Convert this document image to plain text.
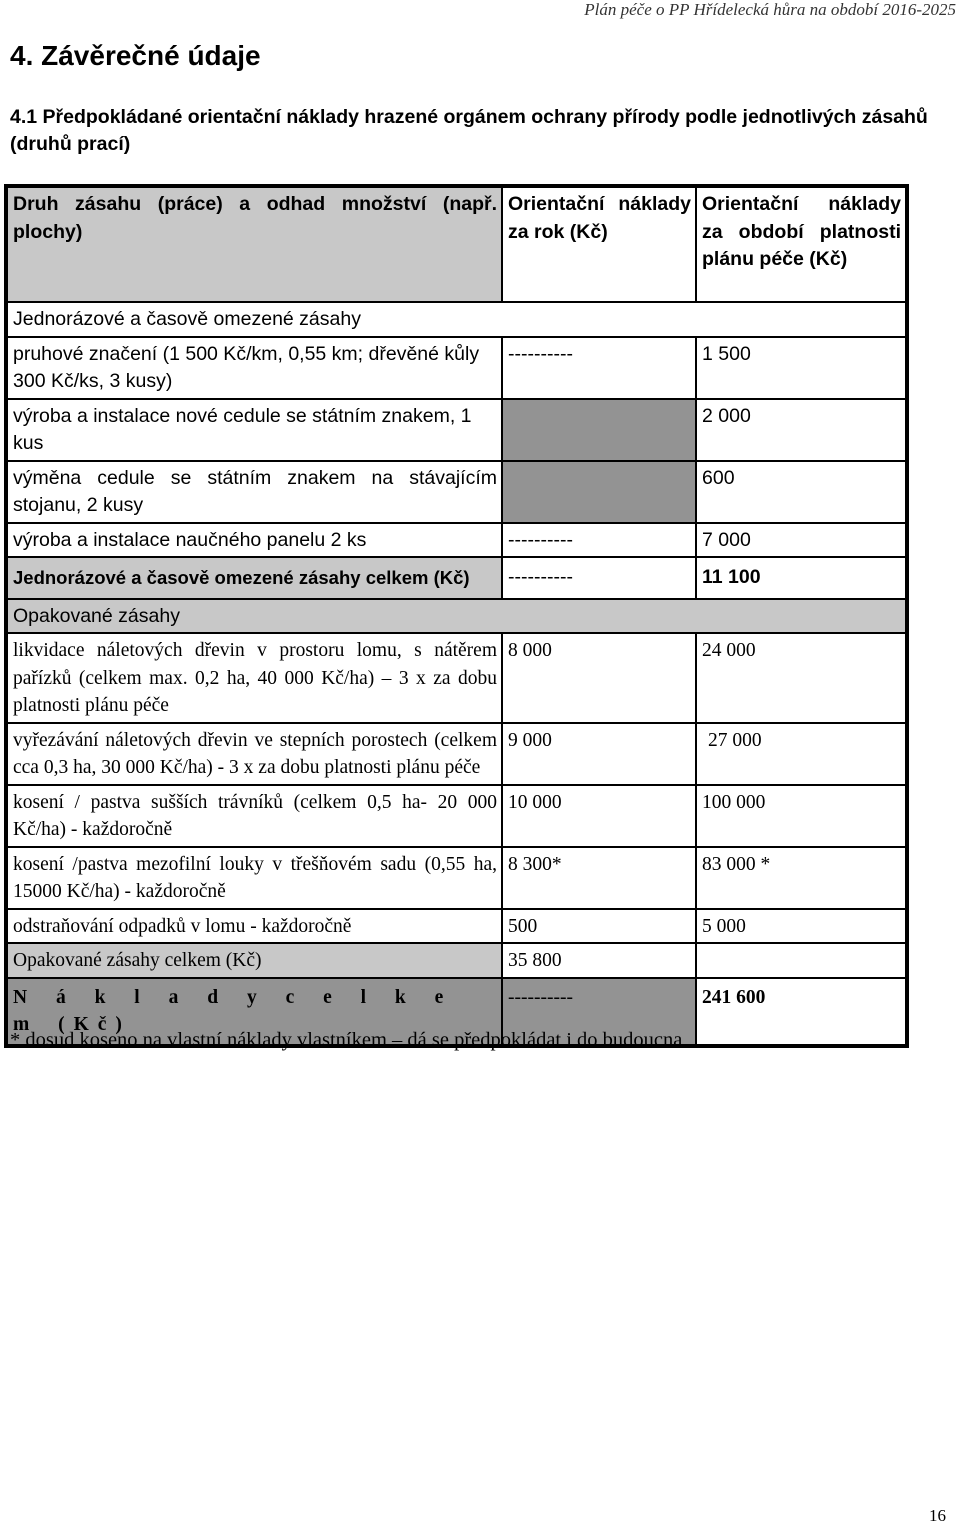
Plán péče o PP Hřídelecká hůra na období 2016-2025
4. Závěrečné údaje
4.1 Předpokládané orientační náklady hrazené orgánem ochrany přírody podle jednotlivých zásahů (druhů prací)
Druh zásahu (práce) a odhad množství (např. plochy)	Orientační náklady za rok (Kč)	Orientační náklady za období platnosti plánu péče (Kč)
Jednorázové a časově omezené zásahy		
pruhové značení (1 500 Kč/km, 0,55 km; dřevěné kůly 300 Kč/ks, 3 kusy)	----------	1 500
výroba a instalace nové cedule se státním znakem, 1 kus		2 000
výměna cedule se státním znakem na stávajícím stojanu, 2 kusy		600
výroba a instalace naučného panelu 2 ks	----------	7 000
Jednorázové a časově omezené zásahy celkem (Kč)	----------	11 100
Opakované zásahy		
likvidace náletových dřevin v prostoru lomu, s nátěrem pařízků (celkem max. 0,2 ha, 40 000 Kč/ha) – 3 x za dobu platnosti plánu péče	8 000	24 000
vyřezávání náletových dřevin ve stepních porostech (celkem cca 0,3 ha, 30 000 Kč/ha) - 3 x za dobu platnosti plánu péče	9 000	27 000
kosení / pastva sušších trávníků (celkem 0,5 ha- 20 000 Kč/ha) - každoročně	10 000	100 000
kosení /pastva mezofilní louky v třešňovém sadu (0,55 ha, 15000 Kč/ha) - každoročně	8 300*	83 000 *
odstraňování odpadků v lomu - každoročně	500	5 000
Opakované zásahy celkem (Kč)	35 800	
N á k l a d y c e l k e m (Kč)	----------	241 600
* dosud koseno na vlastní náklady vlastníkem – dá se předpokládat i do budoucna
16
